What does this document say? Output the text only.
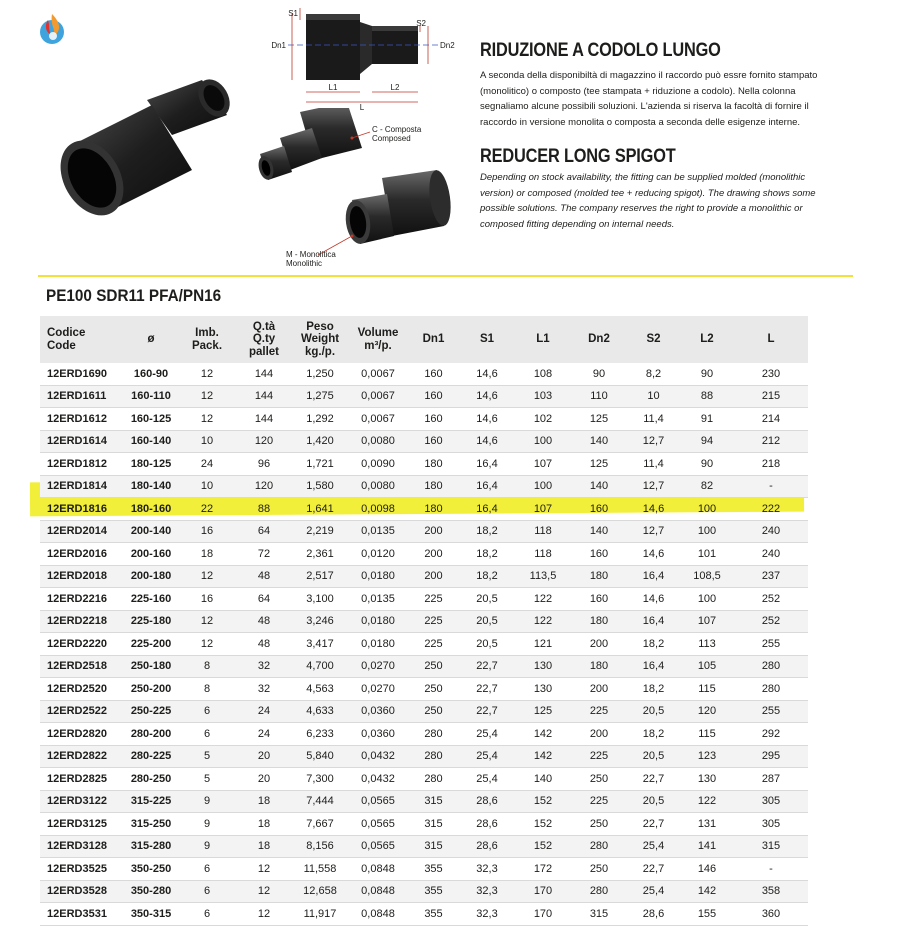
S1
Dn1
L1
L
L2
S2
Dn2
C - Composta
Composed
M - Monolitica
Monolithic
RIDUZIONE A CODOLO LUNGO

A seconda della disponibiltà di magazzino il raccordo può essre fornito stampato (monolitico) o composto (tee stampata + riduzione a codolo). Nella colonna segnaliamo alcune possibili soluzioni. L'azienda si riserva la facoltà di fornire il raccordo in versione monolita o composta a seconda delle esigenze interne.

REDUCER LONG SPIGOT

Depending on stock availability, the fitting can be supplied molded (monolithic version) or composed (molded tee + reducing spigot). The drawing shows some possible solutions. The company reserves the right to provide a monolithic or composed fitting depending on internal needs.

PE100 SDR11 PFA/PN16
Codice
Code	ø	Imb.
Pack.	Q.tà
Q.ty
pallet	Peso
Weight
kg./p.	Volume
m³/p.	Dn1	S1	L1	Dn2	S2	L2	L

12ERD1690	160-90	12	144	1,250	0,0067	160	14,6	108	90	8,2	90	230
12ERD1611	160-110	12	144	1,275	0,0067	160	14,6	103	110	10	88	215
12ERD1612	160-125	12	144	1,292	0,0067	160	14,6	102	125	11,4	91	214
12ERD1614	160-140	10	120	1,420	0,0080	160	14,6	100	140	12,7	94	212
12ERD1812	180-125	24	96	1,721	0,0090	180	16,4	107	125	11,4	90	218
12ERD1814	180-140	10	120	1,580	0,0080	180	16,4	100	140	12,7	82	-
12ERD1816	180-160	22	88	1,641	0,0098	180	16,4	107	160	14,6	100	222
12ERD2014	200-140	16	64	2,219	0,0135	200	18,2	118	140	12,7	100	240
12ERD2016	200-160	18	72	2,361	0,0120	200	18,2	118	160	14,6	101	240
12ERD2018	200-180	12	48	2,517	0,0180	200	18,2	113,5	180	16,4	108,5	237
12ERD2216	225-160	16	64	3,100	0,0135	225	20,5	122	160	14,6	100	252
12ERD2218	225-180	12	48	3,246	0,0180	225	20,5	122	180	16,4	107	252
12ERD2220	225-200	12	48	3,417	0,0180	225	20,5	121	200	18,2	113	255
12ERD2518	250-180	8	32	4,700	0,0270	250	22,7	130	180	16,4	105	280
12ERD2520	250-200	8	32	4,563	0,0270	250	22,7	130	200	18,2	115	280
12ERD2522	250-225	6	24	4,633	0,0360	250	22,7	125	225	20,5	120	255
12ERD2820	280-200	6	24	6,233	0,0360	280	25,4	142	200	18,2	115	292
12ERD2822	280-225	5	20	5,840	0,0432	280	25,4	142	225	20,5	123	295
12ERD2825	280-250	5	20	7,300	0,0432	280	25,4	140	250	22,7	130	287
12ERD3122	315-225	9	18	7,444	0,0565	315	28,6	152	225	20,5	122	305
12ERD3125	315-250	9	18	7,667	0,0565	315	28,6	152	250	22,7	131	305
12ERD3128	315-280	9	18	8,156	0,0565	315	28,6	152	280	25,4	141	315
12ERD3525	350-250	6	12	11,558	0,0848	355	32,3	172	250	22,7	146	-
12ERD3528	350-280	6	12	12,658	0,0848	355	32,3	170	280	25,4	142	358
12ERD3531	350-315	6	12	11,917	0,0848	355	32,3	170	315	28,6	155	360
